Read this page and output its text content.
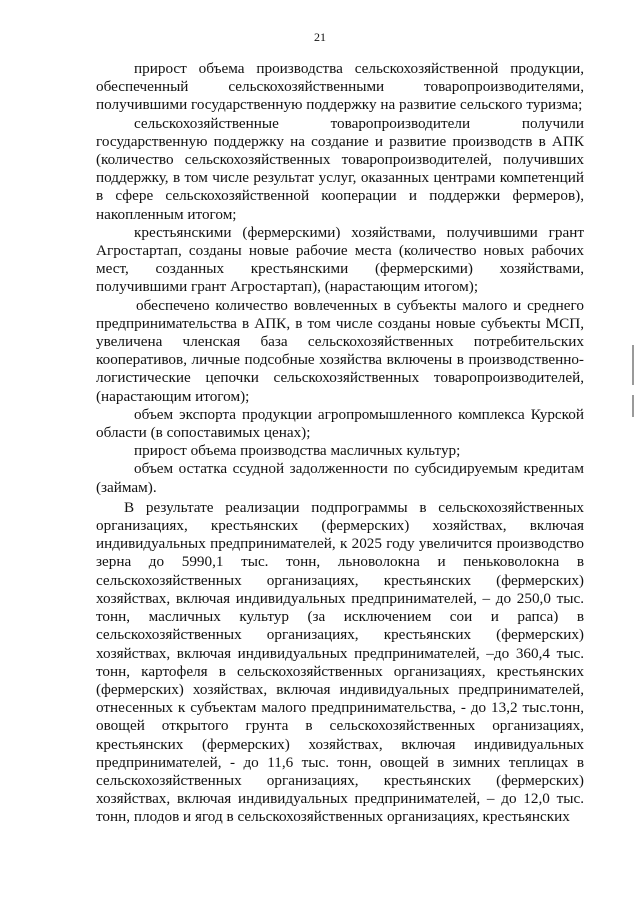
21

прирост объема производства сельскохозяйственной продукции, обеспеченный сельскохозяйственными товаропроизводителями, получившими государственную поддержку на развитие сельского туризма;

сельскохозяйственные товаропроизводители получили государственную поддержку на создание и развитие производств в АПК (количество сельскохозяйственных товаропроизводителей, получивших поддержку, в том числе результат услуг, оказанных центрами компетенций в сфере сельскохозяйственной кооперации и поддержки фермеров), накопленным итогом;

крестьянскими (фермерскими) хозяйствами, получившими грант Агростартап, созданы новые рабочие места (количество новых рабочих мест, созданных крестьянскими (фермерскими) хозяйствами, получившими грант Агростартап), (нарастающим итогом);

обеспечено количество вовлеченных в субъекты малого и среднего предпринимательства в АПК, в том числе созданы новые субъекты МСП, увеличена членская база сельскохозяйственных потребительских кооперативов, личные подсобные хозяйства включены в производственно-логистические цепочки сельскохозяйственных товаропроизводителей, (нарастающим итогом);

объем экспорта продукции агропромышленного комплекса Курской области (в сопоставимых ценах);

прирост объема производства масличных культур;

объем остатка ссудной задолженности по субсидируемым кредитам (займам).

В результате реализации подпрограммы в сельскохозяйственных организациях, крестьянских (фермерских) хозяйствах, включая индивидуальных предпринимателей, к 2025 году увеличится производство зерна до 5990,1 тыс. тонн, льноволокна и пеньковолокна в сельскохозяйственных организациях, крестьянских (фермерских) хозяйствах, включая индивидуальных предпринимателей, – до 250,0 тыс. тонн, масличных культур (за исключением сои и рапса) в сельскохозяйственных организациях, крестьянских (фермерских) хозяйствах, включая индивидуальных предпринимателей, –до 360,4 тыс. тонн, картофеля в сельскохозяйственных организациях, крестьянских (фермерских) хозяйствах, включая индивидуальных предпринимателей, отнесенных к субъектам малого предпринимательства, - до 13,2 тыс.тонн, овощей открытого грунта в сельскохозяйственных организациях, крестьянских (фермерских) хозяйствах, включая индивидуальных предпринимателей, - до 11,6 тыс. тонн, овощей в зимних теплицах в сельскохозяйственных организациях, крестьянских (фермерских) хозяйствах, включая индивидуальных предпринимателей, – до 12,0 тыс. тонн, плодов и ягод в сельскохозяйственных организациях, крестьянских
